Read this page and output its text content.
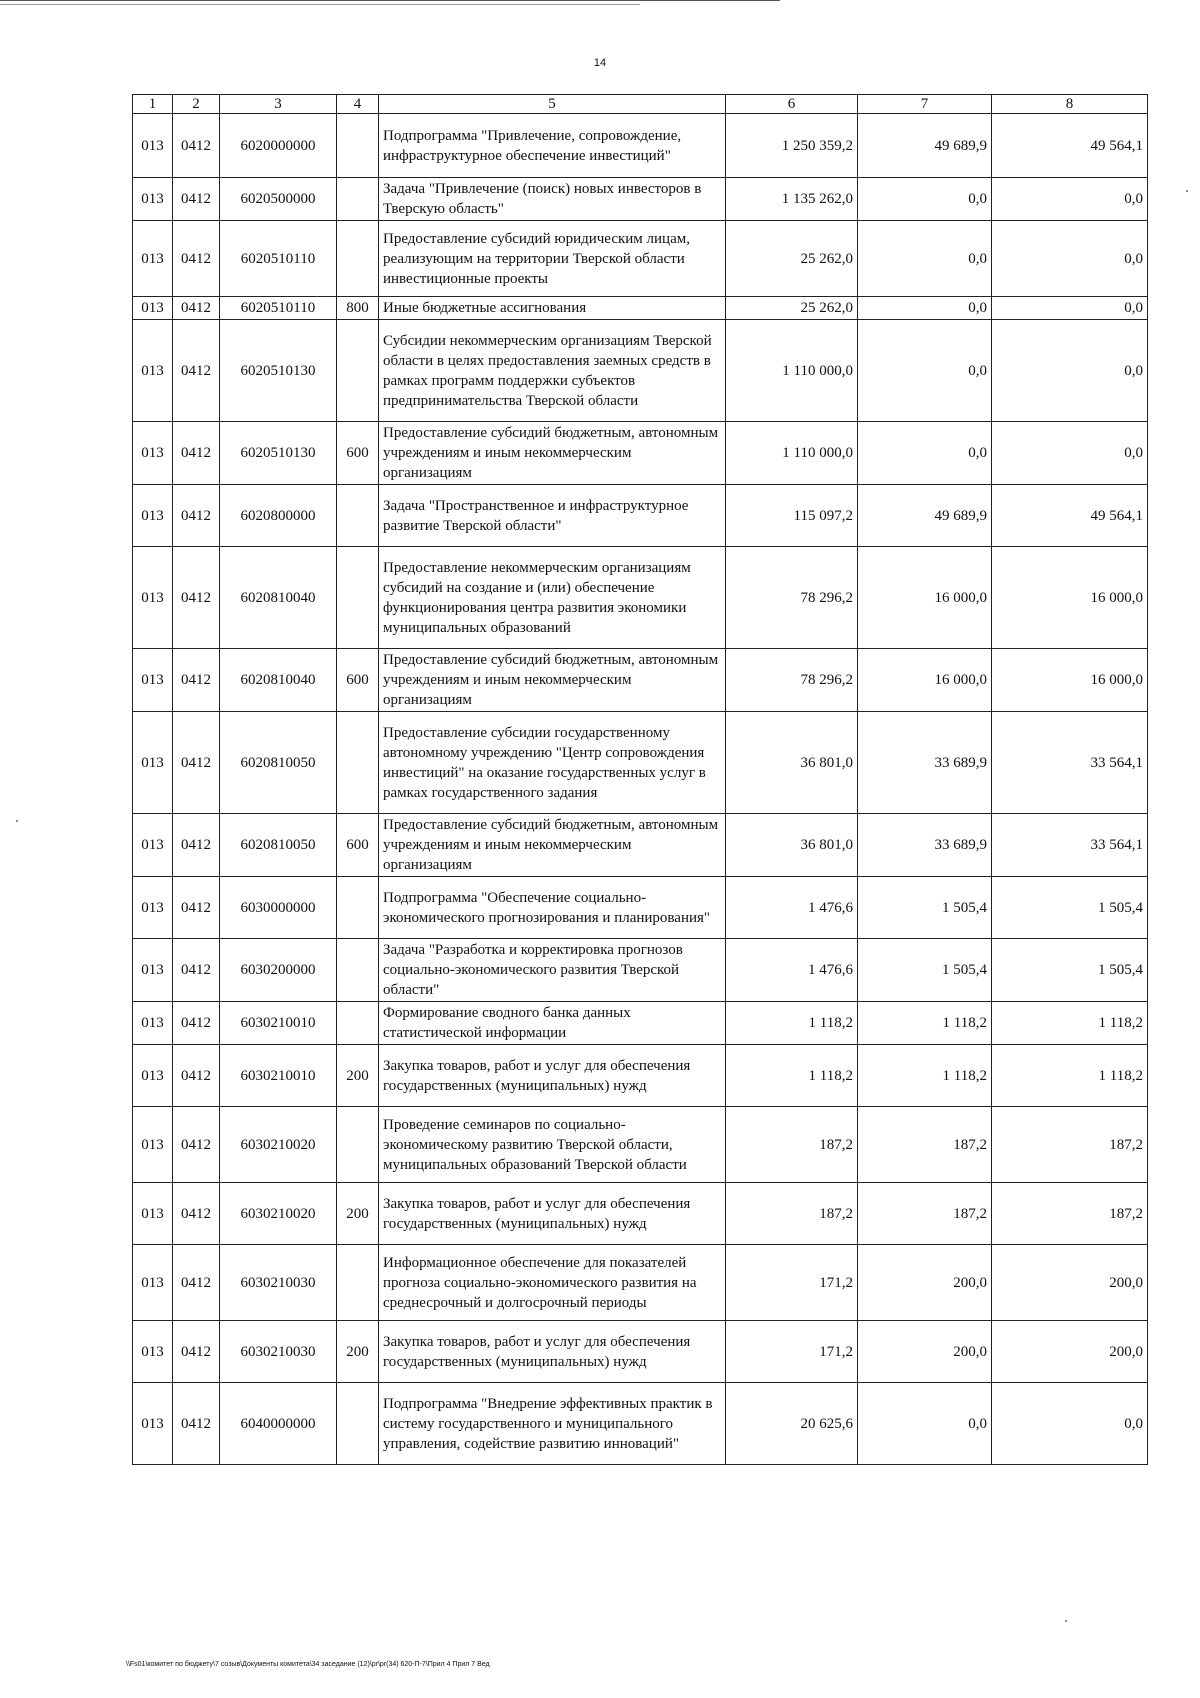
14
1	2	3	4	5	6	7	8
013	0412	6020000000		Подпрограмма "Привлечение, сопровождение, инфраструктурное обеспечение инвестиций"	1 250 359,2	49 689,9	49 564,1
013	0412	6020500000		Задача "Привлечение (поиск) новых инвесторов в Тверскую область"	1 135 262,0	0,0	0,0
013	0412	6020510110		Предоставление субсидий юридическим лицам, реализующим на территории Тверской области инвестиционные проекты	25 262,0	0,0	0,0
013	0412	6020510110	800	Иные бюджетные ассигнования	25 262,0	0,0	0,0
013	0412	6020510130		Субсидии некоммерческим организациям Тверской области в целях предоставления заемных средств в рамках программ поддержки субъектов предпринимательства Тверской области	1 110 000,0	0,0	0,0
013	0412	6020510130	600	Предоставление субсидий бюджетным, автономным учреждениям и иным некоммерческим организациям	1 110 000,0	0,0	0,0
013	0412	6020800000		Задача "Пространственное и инфраструктурное развитие Тверской области"	115 097,2	49 689,9	49 564,1
013	0412	6020810040		Предоставление некоммерческим организациям субсидий на создание и (или) обеспечение функционирования центра развития экономики муниципальных образований	78 296,2	16 000,0	16 000,0
013	0412	6020810040	600	Предоставление субсидий бюджетным, автономным учреждениям и иным некоммерческим организациям	78 296,2	16 000,0	16 000,0
013	0412	6020810050		Предоставление субсидии государственному автономному учреждению "Центр сопровождения инвестиций" на оказание государственных услуг в рамках государственного задания	36 801,0	33 689,9	33 564,1
013	0412	6020810050	600	Предоставление субсидий бюджетным, автономным учреждениям и иным некоммерческим организациям	36 801,0	33 689,9	33 564,1
013	0412	6030000000		Подпрограмма "Обеспечение социально-экономического прогнозирования и планирования"	1 476,6	1 505,4	1 505,4
013	0412	6030200000		Задача "Разработка и корректировка прогнозов социально-экономического развития Тверской области"	1 476,6	1 505,4	1 505,4
013	0412	6030210010		Формирование сводного банка данных статистической информации	1 118,2	1 118,2	1 118,2
013	0412	6030210010	200	Закупка товаров, работ и услуг для обеспечения государственных (муниципальных) нужд	1 118,2	1 118,2	1 118,2
013	0412	6030210020		Проведение семинаров по социально-экономическому развитию Тверской области, муниципальных образований Тверской области	187,2	187,2	187,2
013	0412	6030210020	200	Закупка товаров, работ и услуг для обеспечения государственных (муниципальных) нужд	187,2	187,2	187,2
013	0412	6030210030		Информационное обеспечение для показателей прогноза социально-экономического развития на среднесрочный и долгосрочный периоды	171,2	200,0	200,0
013	0412	6030210030	200	Закупка товаров, работ и услуг для обеспечения государственных (муниципальных) нужд	171,2	200,0	200,0
013	0412	6040000000		Подпрограмма "Внедрение эффективных практик в систему государственного и муниципального управления, содействие развитию инноваций"	20 625,6	0,0	0,0
\\Fs01\комитет по бюджету\7 созыв\Документы комитета\34 заседание (12)\pr\pr(34) 620-П-7\Прил 4 Прил 7 Вед
